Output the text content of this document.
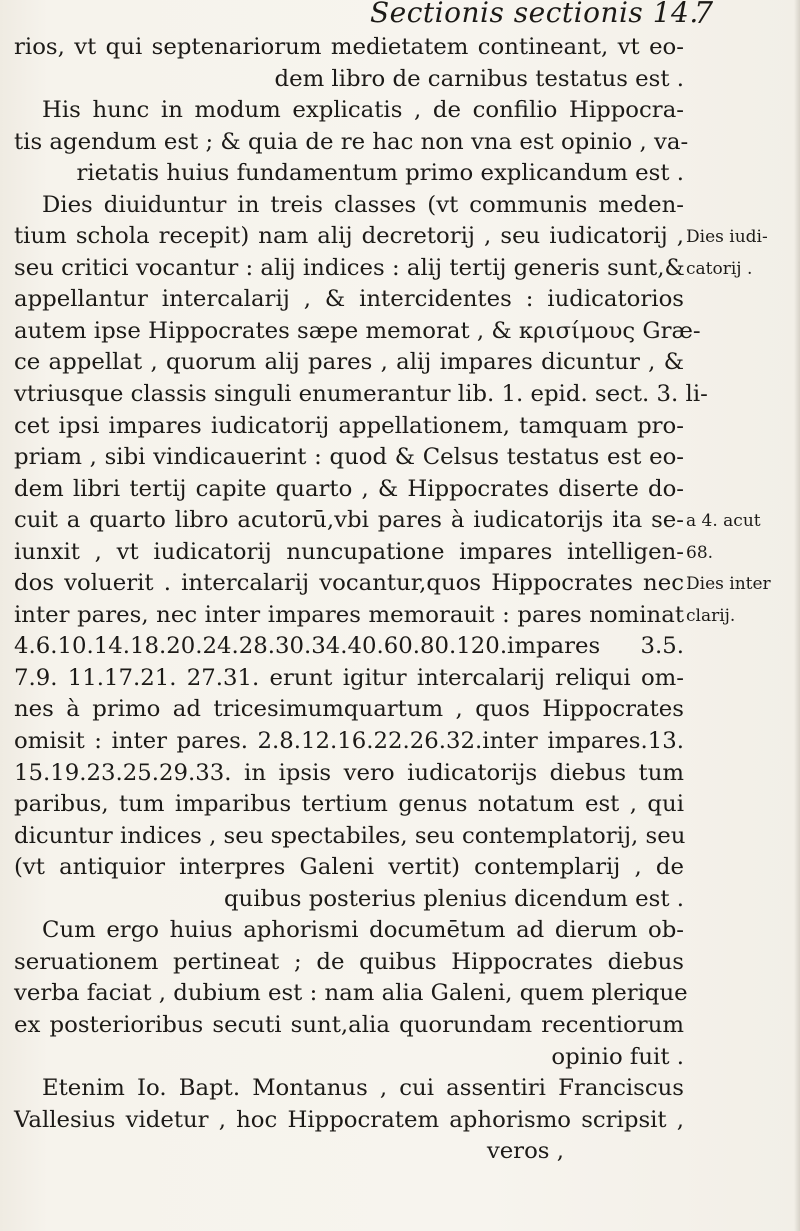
Sectionis sectionis 14.
7
rios, vt qui septenariorum medietatem contineant, vt eo-
dem libro de carnibus testatus est .
His hunc in modum explicatis , de confilio Hippocra-
tis agendum est ; & quia de re hac non vna est opinio , va-
rietatis huius fundamentum primo explicandum est .
Dies diuiduntur in treis classes (vt communis meden-
tium schola recepit) nam alij decretorij , seu iudicatorij ,
seu critici vocantur : alij indices : alij tertij generis sunt,&
appellantur intercalarij , & intercidentes : iudicatorios
autem ipse Hippocrates sæpe memorat , & κρισίμους Græ-
ce appellat , quorum alij pares , alij impares dicuntur , &
vtriusque classis singuli enumerantur lib. 1. epid. sect. 3. li-
cet ipsi impares iudicatorij appellationem, tamquam pro-
priam , sibi vindicauerint : quod & Celsus testatus est eo-
dem libri tertij capite quarto , & Hippocrates diserte do-
cuit a quarto libro acutorū,vbi pares à iudicatorijs ita se-
iunxit , vt iudicatorij nuncupatione impares intelligen-
dos voluerit . intercalarij vocantur,quos Hippocrates nec
inter pares, nec inter impares memorauit : pares nominat
4.6.10.14.18.20.24.28.30.34.40.60.80.120.impares 3.5.
7.9. 11.17.21. 27.31. erunt igitur intercalarij reliqui om-
nes à primo ad tricesimumquartum , quos Hippocrates
omisit : inter pares. 2.8.12.16.22.26.32.inter impares.13.
15.19.23.25.29.33. in ipsis vero iudicatorijs diebus tum
paribus, tum imparibus tertium genus notatum est , qui
dicuntur indices , seu spectabiles, seu contemplatorij, seu
(vt antiquior interpres Galeni vertit) contemplarij , de
quibus posterius plenius dicendum est .
Cum ergo huius aphorismi documētum ad dierum ob-
seruationem pertineat ; de quibus Hippocrates diebus
verba faciat , dubium est : nam alia Galeni, quem plerique
ex posterioribus secuti sunt,alia quorundam recentiorum
opinio fuit .
Etenim Io. Bapt. Montanus , cui assentiri Franciscus
Vallesius videtur , hoc Hippocratem aphorismo scripsit ,
veros ,
Dies iudi-
catorij .
a 4. acut
68.
Dies inter
clarij.
